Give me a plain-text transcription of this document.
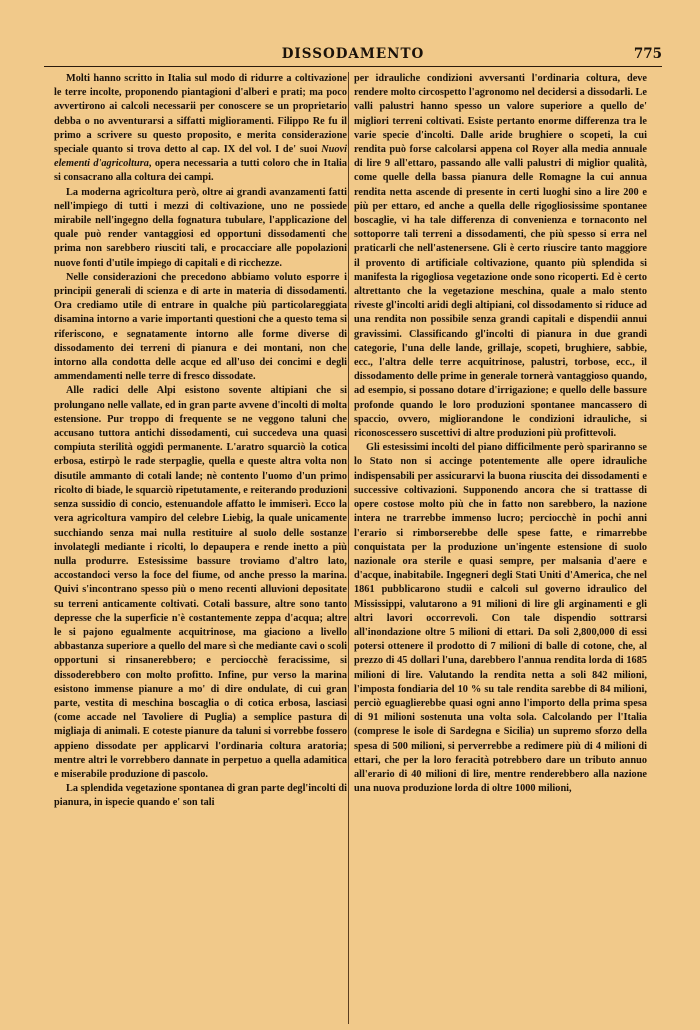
DISSODAMENTO	775

Molti hanno scritto in Italia sul modo di ridurre a coltivazione le terre incolte, proponendo piantagioni d'alberi e prati; ma poco avvertirono ai calcoli necessarii per conoscere se un proprietario debba o no avventurarsi a siffatti miglioramenti. Filippo Re fu il primo a scrivere su questo proposito, e merita considerazione speciale quanto si trova detto al cap. IX del vol. I de' suoi Nuovi elementi d'agricoltura, opera necessaria a tutti coloro che in Italia si consacrano alla coltura dei campi.

La moderna agricoltura però, oltre ai grandi avanzamenti fatti nell'impiego di tutti i mezzi di coltivazione, uno ne possiede mirabile nell'ingegno della fognatura tubulare, l'applicazione del quale può render vantaggiosi ed opportuni dissodamenti che prima non sarebbero riusciti tali, e procacciare alle popolazioni nuove fonti d'utile impiego di capitali e di ricchezze.

Nelle considerazioni che precedono abbiamo voluto esporre i principii generali di scienza e di arte in materia di dissodamenti. Ora crediamo utile di entrare in qualche più particolareggiata disamina intorno a varie importanti questioni che a questo tema si riferiscono, e segnatamente intorno alle forme diverse di dissodamento dei terreni di pianura e dei montani, non che intorno alla condotta delle acque ed all'uso dei concimi e degli ammendamenti nelle terre di fresco dissodate.

Alle radici delle Alpi esistono sovente altipiani che si prolungano nelle vallate, ed in gran parte avvene d'incolti di molta estensione. Pur troppo di frequente se ne veggono taluni che accusano tuttora antichi dissodamenti, cui succedeva una quasi compiuta sterilità oggidì permanente. L'aratro squarciò la cotica erbosa, estirpò le rade sterpaglie, quella e queste altra volta non disutile ammanto di cotali lande; nè contento l'uomo d'un primo ricolto di biade, le squarciò ripetutamente, e reiterando produzioni senza sussidio di concio, estenuandole affatto le immiserì. Ecco la vera agricoltura vampiro del celebre Liebig, la quale unicamente succhiando senza mai nulla restituire al suolo delle sostanze involategli mediante i ricolti, lo depaupera e rende inetto a più nulla produrre. Estesissime bassure troviamo d'altro lato, accostandoci verso la foce del fiume, od anche presso la marina. Quivi s'incontrano spesso più o meno recenti alluvioni depositate su terreni anticamente coltivati. Cotali bassure, altre sono tanto depresse che la superficie n'è costantemente zeppa d'acqua; altre le si pajono egualmente acquitrinose, ma giaciono a livello abbastanza superiore a quello del mare sì che mediante cavi o scoli opportuni si rinsanerebbero; e perciocchè feracissime, si dissoderebbero con molto profitto. Infine, pur verso la marina esistono immense pianure a mo' di dire ondulate, di cui gran parte, vestita di meschina boscaglia o di cotica erbosa, lasciasi (come accade nel Tavoliere di Puglia) a semplice pastura di migliaja di animali. E coteste pianure da taluni si vorrebbe fossero appieno dissodate per applicarvi l'ordinaria coltura aratoria; mentre altri le vorrebbero dannate in perpetuo a quella adamitica e miserabile produzione di pascolo.

La splendida vegetazione spontanea di gran parte degl'incolti di pianura, in ispecie quando e' son tali

per idrauliche condizioni avversanti l'ordinaria coltura, deve rendere molto circospetto l'agronomo nel decidersi a dissodarli. Le valli palustri hanno spesso un valore superiore a quello de' migliori terreni coltivati. Esiste pertanto enorme differenza tra le varie specie d'incolti. Dalle aride brughiere o scopeti, la cui rendita può forse calcolarsi appena col Royer alla media annuale di lire 9 all'ettaro, passando alle valli palustri di miglior qualità, come quelle della bassa pianura delle Romagne la cui annua rendita netta ascende di presente in certi luoghi sino a lire 200 e più per ettaro, ed anche a quella delle rigogliosissime spontanee boscaglie, vi ha tale differenza di convenienza e tornaconto nel sottoporre tali terreni a dissodamenti, che più spesso si erra nel praticarli che nell'astenersene. Gli è certo riuscire tanto maggiore il provento di artificiale coltivazione, quanto più splendida si manifesta la rigogliosa vegetazione onde sono ricoperti. Ed è certo altrettanto che la vegetazione meschina, quale a malo stento riveste gl'incolti aridi degli altipiani, col dissodamento si riduce ad una rendita non possibile senza grandi capitali e dispendii annui gravissimi. Classificando gl'incolti di pianura in due grandi categorie, l'una delle lande, grillaje, scopeti, brughiere, sabbie, ecc., l'altra delle terre acquitrinose, palustri, torbose, ecc., il dissodamento delle prime in generale tornerà vantaggioso quando, ad esempio, si possano dotare d'irrigazione; e quello delle bassure profonde quando le loro produzioni spontanee mancassero di spaccio, ovvero, migliorandone le condizioni idrauliche, si riconoscessero suscettivi di altre produzioni più profittevoli.

Gli estesissimi incolti del piano difficilmente però spariranno se lo Stato non si accinge potentemente alle opere idrauliche indispensabili per assicurarvi la buona riuscita dei dissodamenti e successive coltivazioni. Supponendo ancora che si trattasse di opere costose molto più che in fatto non sarebbero, la nazione intera ne trarrebbe immenso lucro; perciocchè in pochi anni l'erario si rimborserebbe delle spese fatte, e rimarrebbe conquistata per la produzione un'ingente estensione di suolo nazionale ora sterile e quasi sempre, per malsania d'aere e d'acque, inabitabile. Ingegneri degli Stati Uniti d'America, che nel 1861 pubblicarono studii e calcoli sul governo idraulico del Mississippi, valutarono a 91 milioni di lire gli arginamenti e gli altri lavori occorrevoli. Con tale dispendio sottrarsi all'inondazione oltre 5 milioni di ettari. Da soli 2,800,000 di essi potersi ottenere il prodotto di 7 milioni di balle di cotone, che, al prezzo di 45 dollari l'una, darebbero l'annua rendita lorda di 1685 milioni di lire. Valutando la rendita netta a soli 842 milioni, l'imposta fondiaria del 10 % su tale rendita sarebbe di 84 milioni, perciò eguaglierebbe quasi ogni anno l'importo della prima spesa di 91 milioni sostenuta una volta sola. Calcolando per l'Italia (comprese le isole di Sardegna e Sicilia) un supremo sforzo della spesa di 500 milioni, si perverrebbe a redimere più di 4 milioni di ettari, che per la loro feracità potrebbero dare un tributo annuo all'erario di 40 milioni di lire, mentre renderebbero alla nazione una nuova produzione lorda di oltre 1000 milioni,
